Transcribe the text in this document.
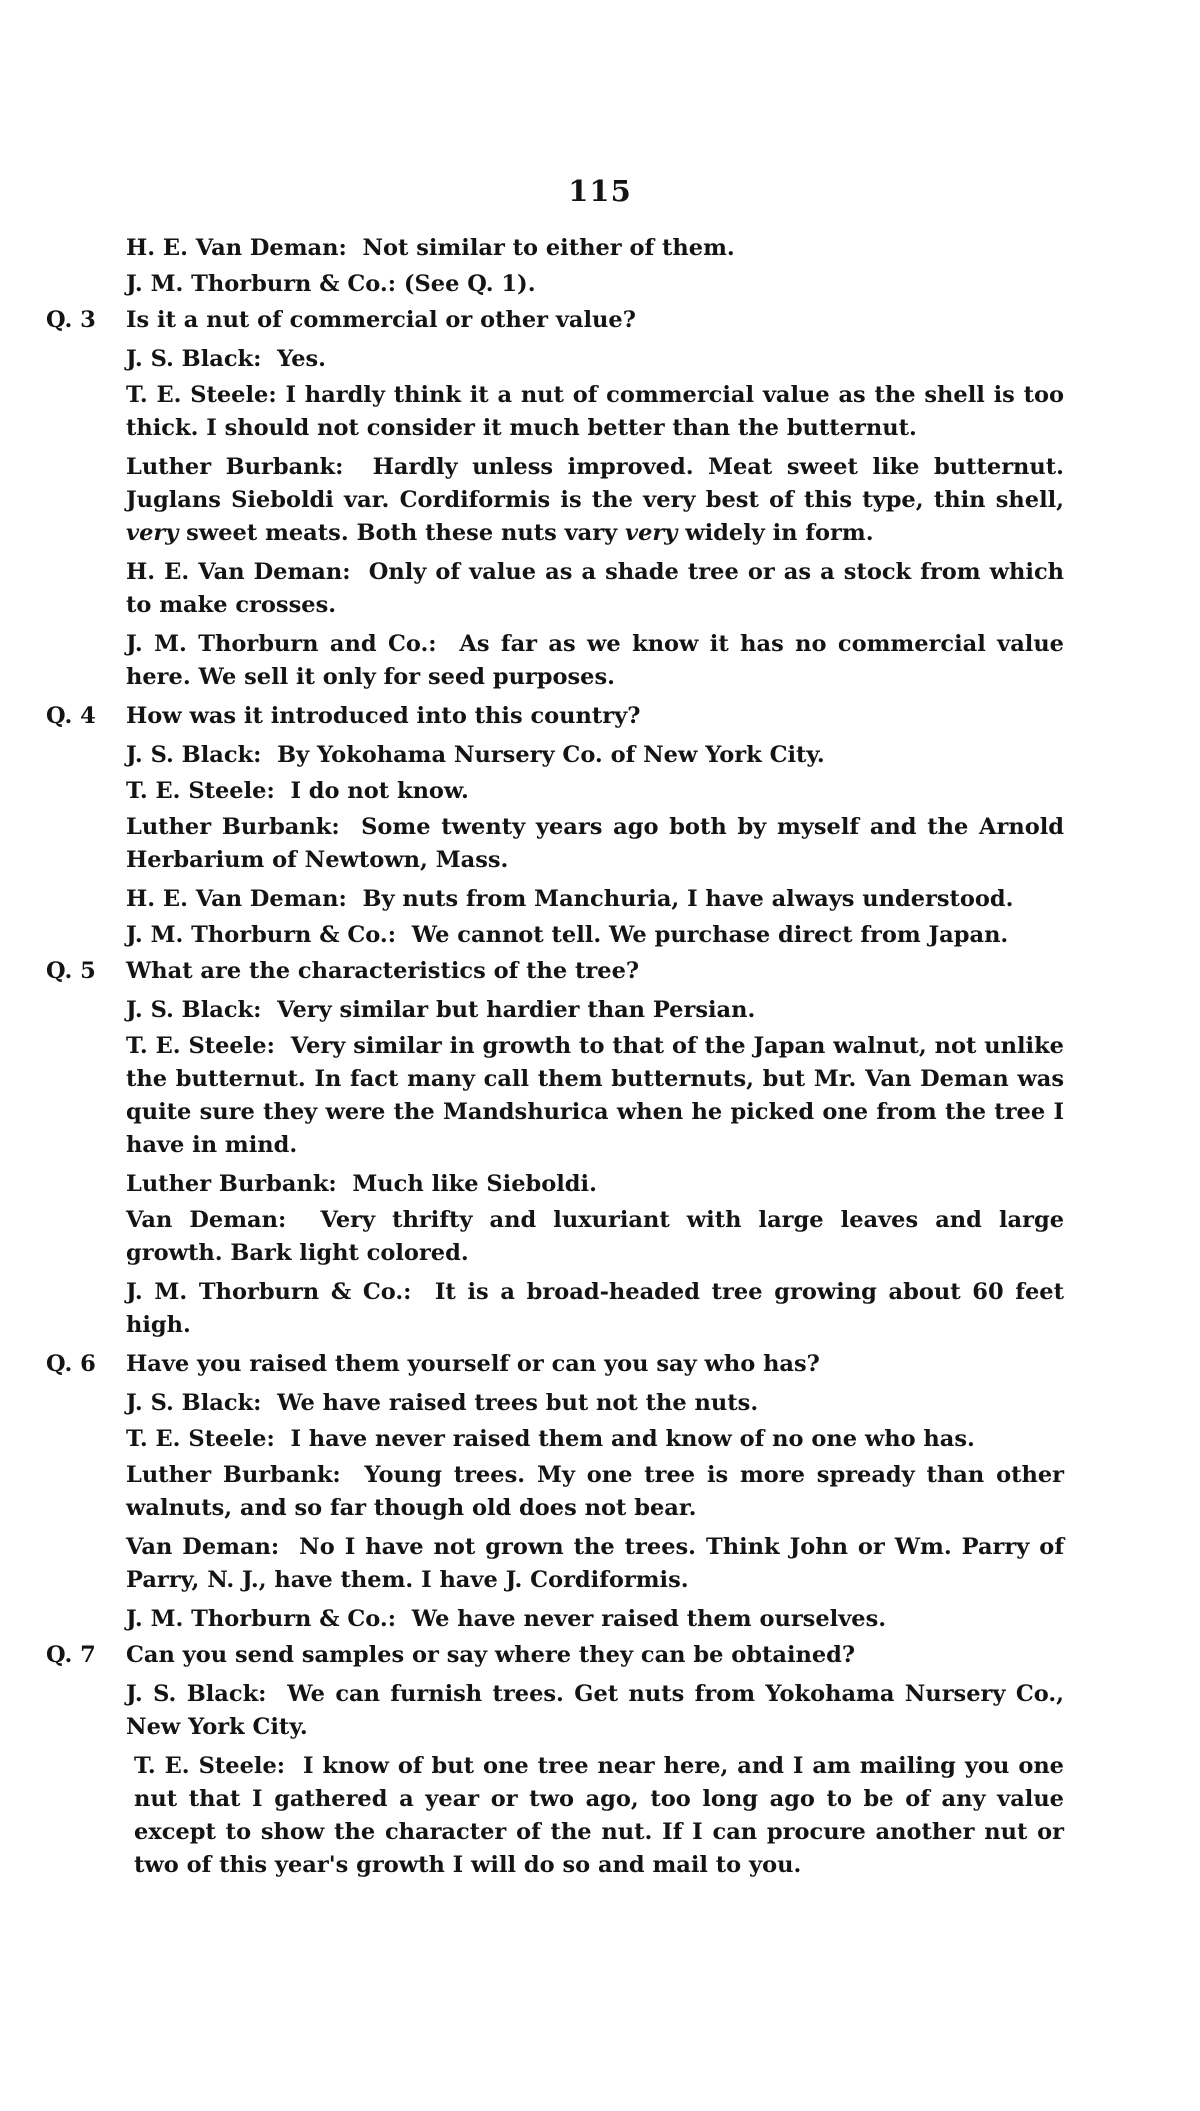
115

H. E. Van Deman: Not similar to either of them.

J. M. Thorburn & Co.: (See Q. 1).

Q. 3 Is it a nut of commercial or other value?

J. S. Black: Yes.

T. E. Steele: I hardly think it a nut of commercial value as the shell is too thick. I should not consider it much better than the butternut.

Luther Burbank: Hardly unless improved. Meat sweet like butternut. Juglans Sieboldi var. Cordiformis is the very best of this type, thin shell, very sweet meats. Both these nuts vary very widely in form.

H. E. Van Deman: Only of value as a shade tree or as a stock from which to make crosses.

J. M. Thorburn and Co.: As far as we know it has no commercial value here. We sell it only for seed purposes.

Q. 4 How was it introduced into this country?

J. S. Black: By Yokohama Nursery Co. of New York City.

T. E. Steele: I do not know.

Luther Burbank: Some twenty years ago both by myself and the Arnold Herbarium of Newtown, Mass.

H. E. Van Deman: By nuts from Manchuria, I have always understood.

J. M. Thorburn & Co.: We cannot tell. We purchase direct from Japan.

Q. 5 What are the characteristics of the tree?

J. S. Black: Very similar but hardier than Persian.

T. E. Steele: Very similar in growth to that of the Japan walnut, not unlike the butternut. In fact many call them butternuts, but Mr. Van Deman was quite sure they were the Mandshurica when he picked one from the tree I have in mind.

Luther Burbank: Much like Sieboldi.

Van Deman: Very thrifty and luxuriant with large leaves and large growth. Bark light colored.

J. M. Thorburn & Co.: It is a broad-headed tree growing about 60 feet high.

Q. 6 Have you raised them yourself or can you say who has?

J. S. Black: We have raised trees but not the nuts.

T. E. Steele: I have never raised them and know of no one who has.

Luther Burbank: Young trees. My one tree is more spready than other walnuts, and so far though old does not bear.

Van Deman: No I have not grown the trees. Think John or Wm. Parry of Parry, N. J., have them. I have J. Cordiformis.

J. M. Thorburn & Co.: We have never raised them ourselves.

Q. 7 Can you send samples or say where they can be obtained?

J. S. Black: We can furnish trees. Get nuts from Yokohama Nursery Co., New York City.

T. E. Steele: I know of but one tree near here, and I am mailing you one nut that I gathered a year or two ago, too long ago to be of any value except to show the character of the nut. If I can procure another nut or two of this year's growth I will do so and mail to you.
